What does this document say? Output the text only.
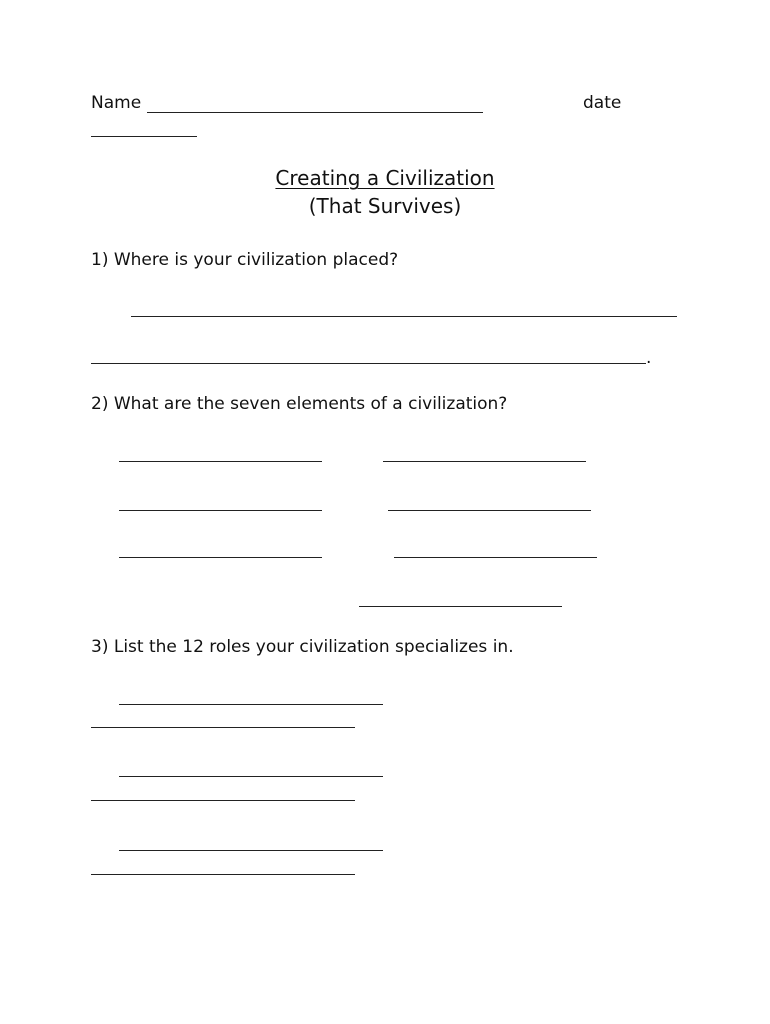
Name	date
Creating a Civilization
(That Survives)
1) Where is your civilization placed?
.
2) What are the seven elements of a civilization?
3) List the 12 roles your civilization specializes in.
